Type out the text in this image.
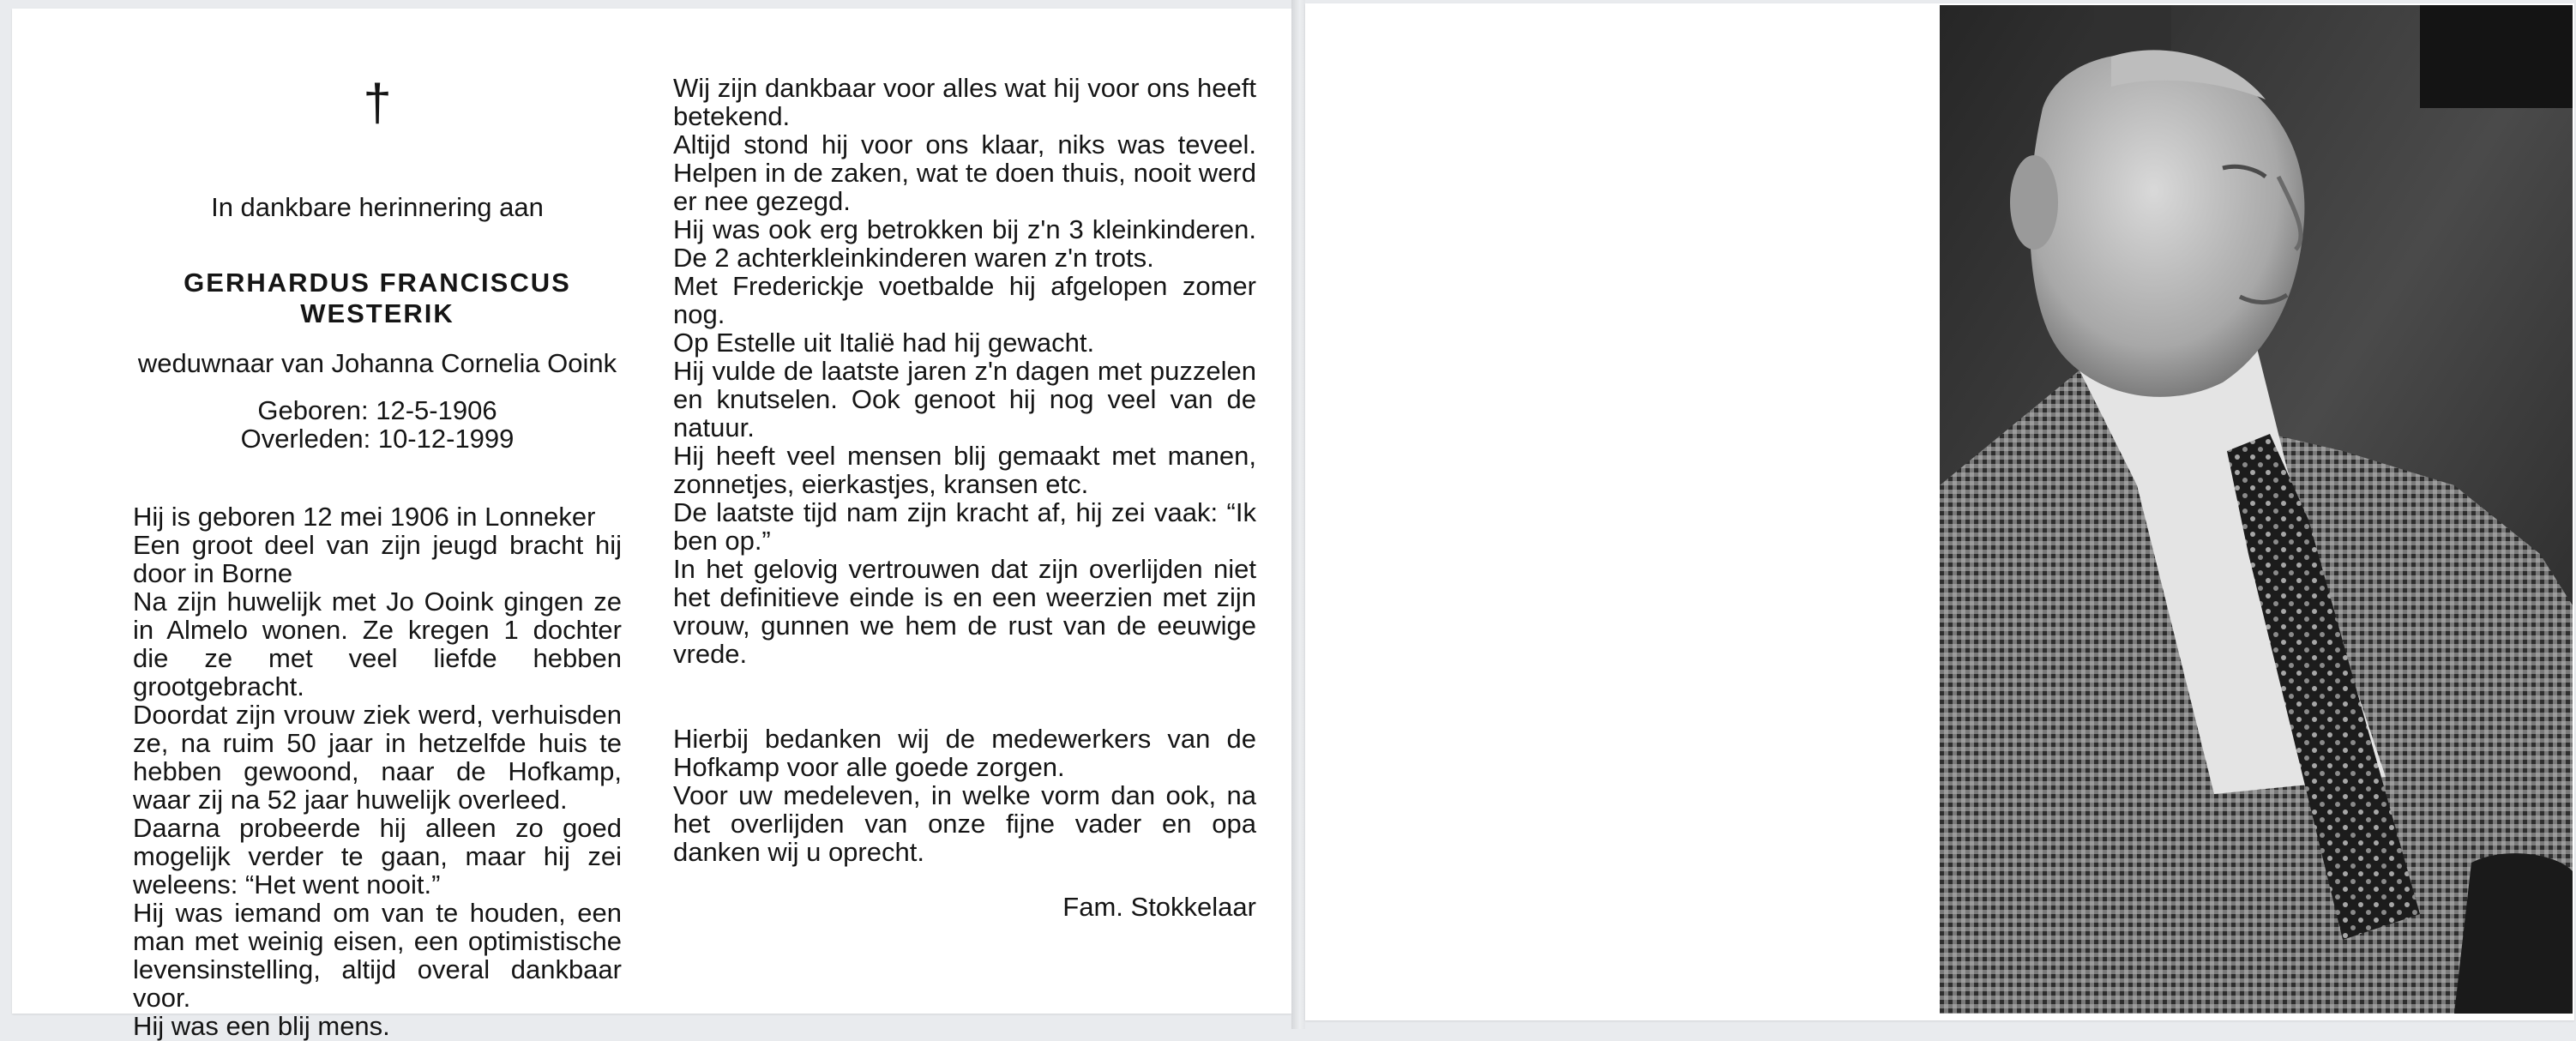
†
In dankbare herinnering aan
GERHARDUS FRANCISCUS WESTERIK
weduwnaar van Johanna Cornelia Ooink
Geboren: 12-5-1906
Overleden: 10-12-1999

Hij is geboren 12 mei 1906 in Lonneker

Een groot deel van zijn jeugd bracht hij door in Borne

Na zijn huwelijk met Jo Ooink gingen ze in Almelo wonen. Ze kregen 1 dochter die ze met veel liefde hebben grootgebracht.

Doordat zijn vrouw ziek werd, verhuisden ze, na ruim 50 jaar in hetzelfde huis te hebben gewoond, naar de Hofkamp, waar zij na 52 jaar huwelijk overleed.

Daarna probeerde hij alleen zo goed mogelijk verder te gaan, maar hij zei weleens: “Het went nooit.”

Hij was iemand om van te houden, een man met weinig eisen, een optimistische levensinstelling, altijd overal dankbaar voor.

Hij was een blij mens.

Wij zijn dankbaar voor alles wat hij voor ons heeft betekend.

Altijd stond hij voor ons klaar, niks was teveel. Helpen in de zaken, wat te doen thuis, nooit werd er nee gezegd.

Hij was ook erg betrokken bij z'n 3 kleinkinderen. De 2 achterkleinkinderen waren z'n trots.

Met Frederickje voetbalde hij afgelopen zomer nog.

Op Estelle uit Italië had hij gewacht.

Hij vulde de laatste jaren z'n dagen met puzzelen en knutselen. Ook genoot hij nog veel van de natuur.

Hij heeft veel mensen blij gemaakt met manen, zonnetjes, eierkastjes, kransen etc.

De laatste tijd nam zijn kracht af, hij zei vaak: “Ik ben op.”

In het gelovig vertrouwen dat zijn overlijden niet het definitieve einde is en een weerzien met zijn vrouw, gunnen we hem de rust van de eeuwige vrede.

Hierbij bedanken wij de medewerkers van de Hofkamp voor alle goede zorgen.

Voor uw medeleven, in welke vorm dan ook, na het overlijden van onze fijne vader en opa danken wij u oprecht.

Fam. Stokkelaar
